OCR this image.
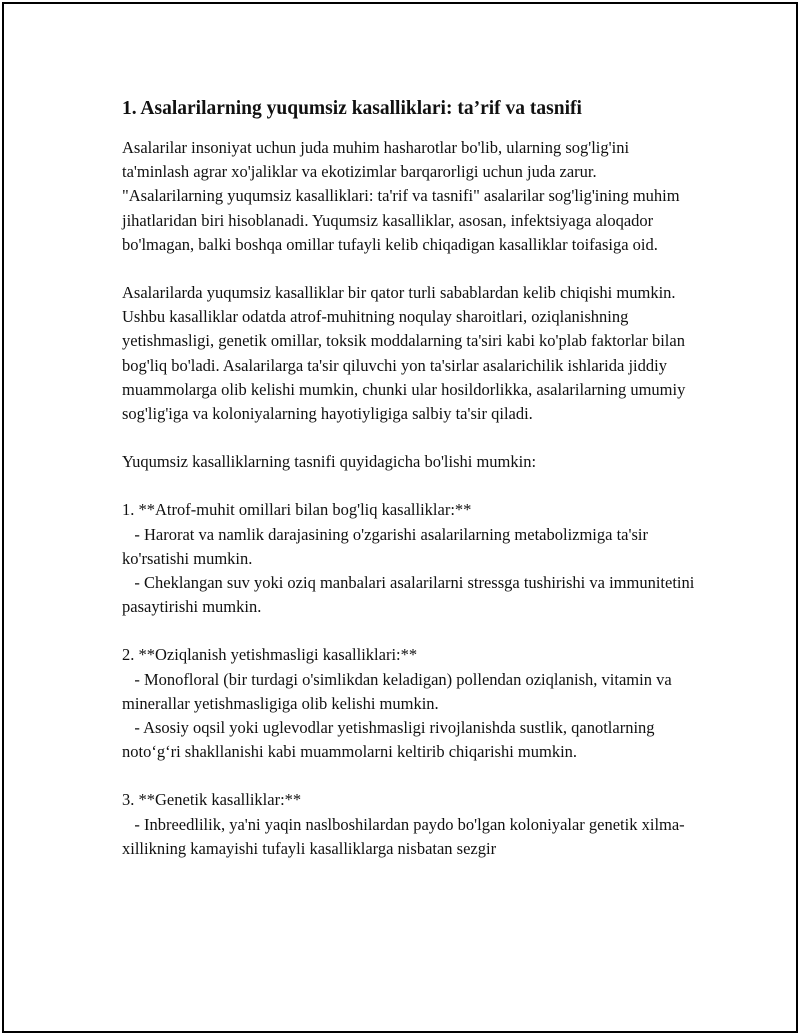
1. Asalarilarning yuqumsiz kasalliklari: ta’rif va tasnifi

Asalarilar insoniyat uchun juda muhim hasharotlar bo'lib, ularning sog'lig'ini ta'minlash agrar xo'jaliklar va ekotizimlar barqarorligi uchun juda zarur. "Asalarilarning yuqumsiz kasalliklari: ta'rif va tasnifi" asalarilar sog'lig'ining muhim jihatlaridan biri hisoblanadi. Yuqumsiz kasalliklar, asosan, infektsiyaga aloqador bo'lmagan, balki boshqa omillar tufayli kelib chiqadigan kasalliklar toifasiga oid.

Asalarilarda yuqumsiz kasalliklar bir qator turli sabablardan kelib chiqishi mumkin. Ushbu kasalliklar odatda atrof-muhitning noqulay sharoitlari, oziqlanishning yetishmasligi, genetik omillar, toksik moddalarning ta'siri kabi ko'plab faktorlar bilan bog'liq bo'ladi. Asalarilarga ta'sir qiluvchi yon ta'sirlar asalarichilik ishlarida jiddiy muammolarga olib kelishi mumkin, chunki ular hosildorlikka, asalarilarning umumiy sog'lig'iga va koloniyalarning hayotiyligiga salbiy ta'sir qiladi.

Yuqumsiz kasalliklarning tasnifi quyidagicha bo'lishi mumkin:

1. **Atrof-muhit omillari bilan bog'liq kasalliklar:**
- Harorat va namlik darajasining o'zgarishi asalarilarning metabolizmiga ta'sir ko'rsatishi mumkin.
- Cheklangan suv yoki oziq manbalari asalarilarni stressga tushirishi va immunitetini pasaytirishi mumkin.

2. **Oziqlanish yetishmasligi kasalliklari:**
- Monofloral (bir turdagi o'simlikdan keladigan) pollendan oziqlanish, vitamin va minerallar yetishmasligiga olib kelishi mumkin.
- Asosiy oqsil yoki uglevodlar yetishmasligi rivojlanishda sustlik, qanotlarning noto‘g‘ri shakllanishi kabi muammolarni keltirib chiqarishi mumkin.

3. **Genetik kasalliklar:**
- Inbreedlilik, ya'ni yaqin naslboshilardan paydo bo'lgan koloniyalar genetik xilma-xillikning kamayishi tufayli kasalliklarga nisbatan sezgir
